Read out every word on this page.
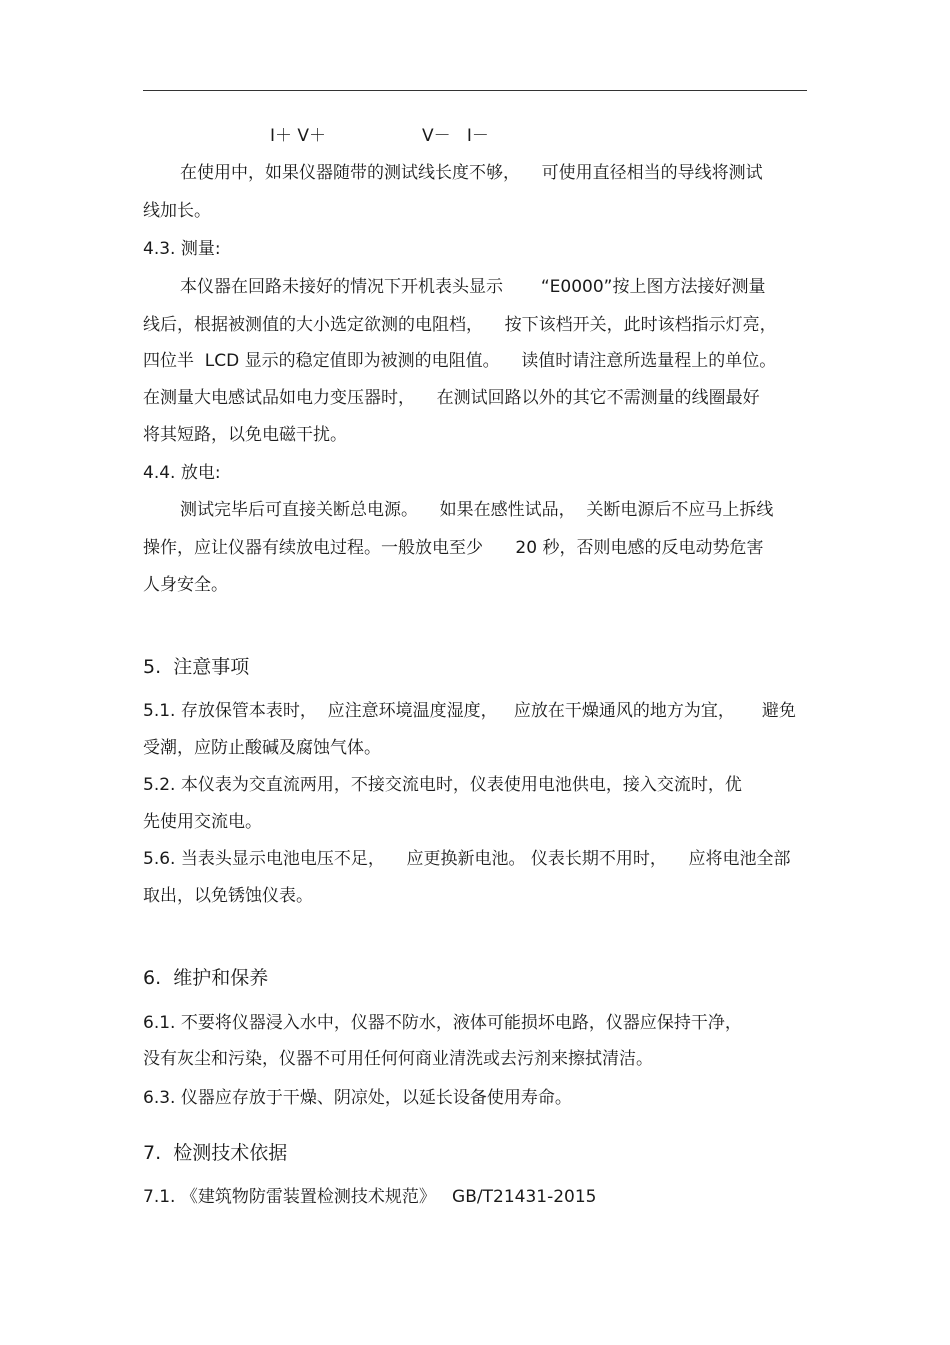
I＋ V＋	V－   I－
在使用中，如果仪器随带的测试线长度不够，    可使用直径相当的导线将测试
线加长。
4.3. 测量:
本仪器在回路未接好的情况下开机表头显示       “E0000”按上图方法接好测量
线后，根据被测值的大小选定欲测的电阻档，    按下该档开关，此时该档指示灯亮，
四位半  LCD 显示的稳定值即为被测的电阻值。    读值时请注意所选量程上的单位。
在测量大电感试品如电力变压器时，    在测试回路以外的其它不需测量的线圈最好
将其短路，以免电磁干扰。
4.4. 放电:
测试完毕后可直接关断总电源。    如果在感性试品，  关断电源后不应马上拆线
操作，应让仪器有续放电过程。一般放电至少      20 秒，否则电感的反电动势危害
人身安全。
5.  注意事项
5.1. 存放保管本表时，  应注意环境温度湿度，   应放在干燥通风的地方为宜，     避免
受潮，应防止酸碱及腐蚀气体。
5.2. 本仪表为交直流两用，不接交流电时，仪表使用电池供电，接入交流时，优
先使用交流电。
5.6. 当表头显示电池电压不足，    应更换新电池。 仪表长期不用时，    应将电池全部
取出，以免锈蚀仪表。
6.  维护和保养
6.1. 不要将仪器浸入水中，仪器不防水，液体可能损坏电路，仪器应保持干净，
没有灰尘和污染，仪器不可用任何何商业清洗或去污剂来擦拭清洁。
6.3. 仪器应存放于干燥、阴凉处，以延长设备使用寿命。
7.  检测技术依据
7.1. 《建筑物防雷装置检测技术规范》   GB/T21431-2015
